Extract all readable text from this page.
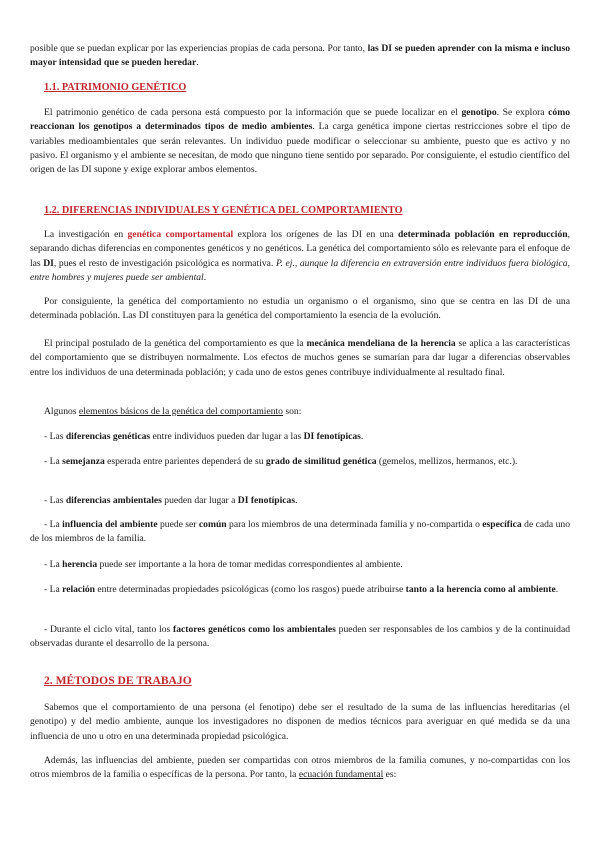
posible que se puedan explicar por las experiencias propias de cada persona. Por tanto, las DI se pueden aprender con la misma e incluso mayor intensidad que se pueden heredar.

1.1. PATRIMONIO GENÉTICO

El patrimonio genético de cada persona está compuesto por la información que se puede localizar en el genotipo. Se explora cómo reaccionan los genotipos a determinados tipos de medio ambientes. La carga genética impone ciertas restricciones sobre el tipo de variables medioambientales que serán relevantes. Un individuo puede modificar o seleccionar su ambiente, puesto que es activo y no pasivo. El organismo y el ambiente se necesitan, de modo que ninguno tiene sentido por separado. Por consiguiente, el estudio científico del origen de las DI supone y exige explorar ambos elementos.

1.2. DIFERENCIAS INDIVIDUALES Y GENÉTICA DEL COMPORTAMIENTO

La investigación en genética comportamental explora los orígenes de las DI en una determinada población en reproducción, separando dichas diferencias en componentes genéticos y no genéticos. La genética del comportamiento sólo es relevante para el enfoque de las DI, pues el resto de investigación psicológica es normativa. P. ej., aunque la diferencia en extraversión entre individuos fuera biológica, entre hombres y mujeres puede ser ambiental.

Por consiguiente, la genética del comportamiento no estudia un organismo o el organismo, sino que se centra en las DI de una determinada población. Las DI constituyen para la genética del comportamiento la esencia de la evolución.

El principal postulado de la genética del comportamiento es que la mecánica mendeliana de la herencia se aplica a las características del comportamiento que se distribuyen normalmente. Los efectos de muchos genes se sumarían para dar lugar a diferencias observables entre los individuos de una determinada población; y cada uno de estos genes contribuye individualmente al resultado final.

Algunos elementos básicos de la genética del comportamiento son:

- Las diferencias genéticas entre individuos pueden dar lugar a las DI fenotípicas.

- La semejanza esperada entre parientes dependerá de su grado de similitud genética (gemelos, mellizos, hermanos, etc.).

- Las diferencias ambientales pueden dar lugar a DI fenotípicas.

- La influencia del ambiente puede ser común para los miembros de una determinada familia y no-compartida o específica de cada uno de los miembros de la familia.

- La herencia puede ser importante a la hora de tomar medidas correspondientes al ambiente.

- La relación entre determinadas propiedades psicológicas (como los rasgos) puede atribuirse tanto a la herencia como al ambiente.

- Durante el ciclo vital, tanto los factores genéticos como los ambientales pueden ser responsables de los cambios y de la continuidad observadas durante el desarrollo de la persona.

2. MÉTODOS DE TRABAJO

Sabemos que el comportamiento de una persona (el fenotipo) debe ser el resultado de la suma de las influencias hereditarias (el genotipo) y del medio ambiente, aunque los investigadores no disponen de medios técnicos para averiguar en qué medida se da una influencia de uno u otro en una determinada propiedad psicológica.

Además, las influencias del ambiente, pueden ser compartidas con otros miembros de la familia comunes, y no-compartidas con los otros miembros de la familia o específicas de la persona. Por tanto, la ecuación fundamental es:
